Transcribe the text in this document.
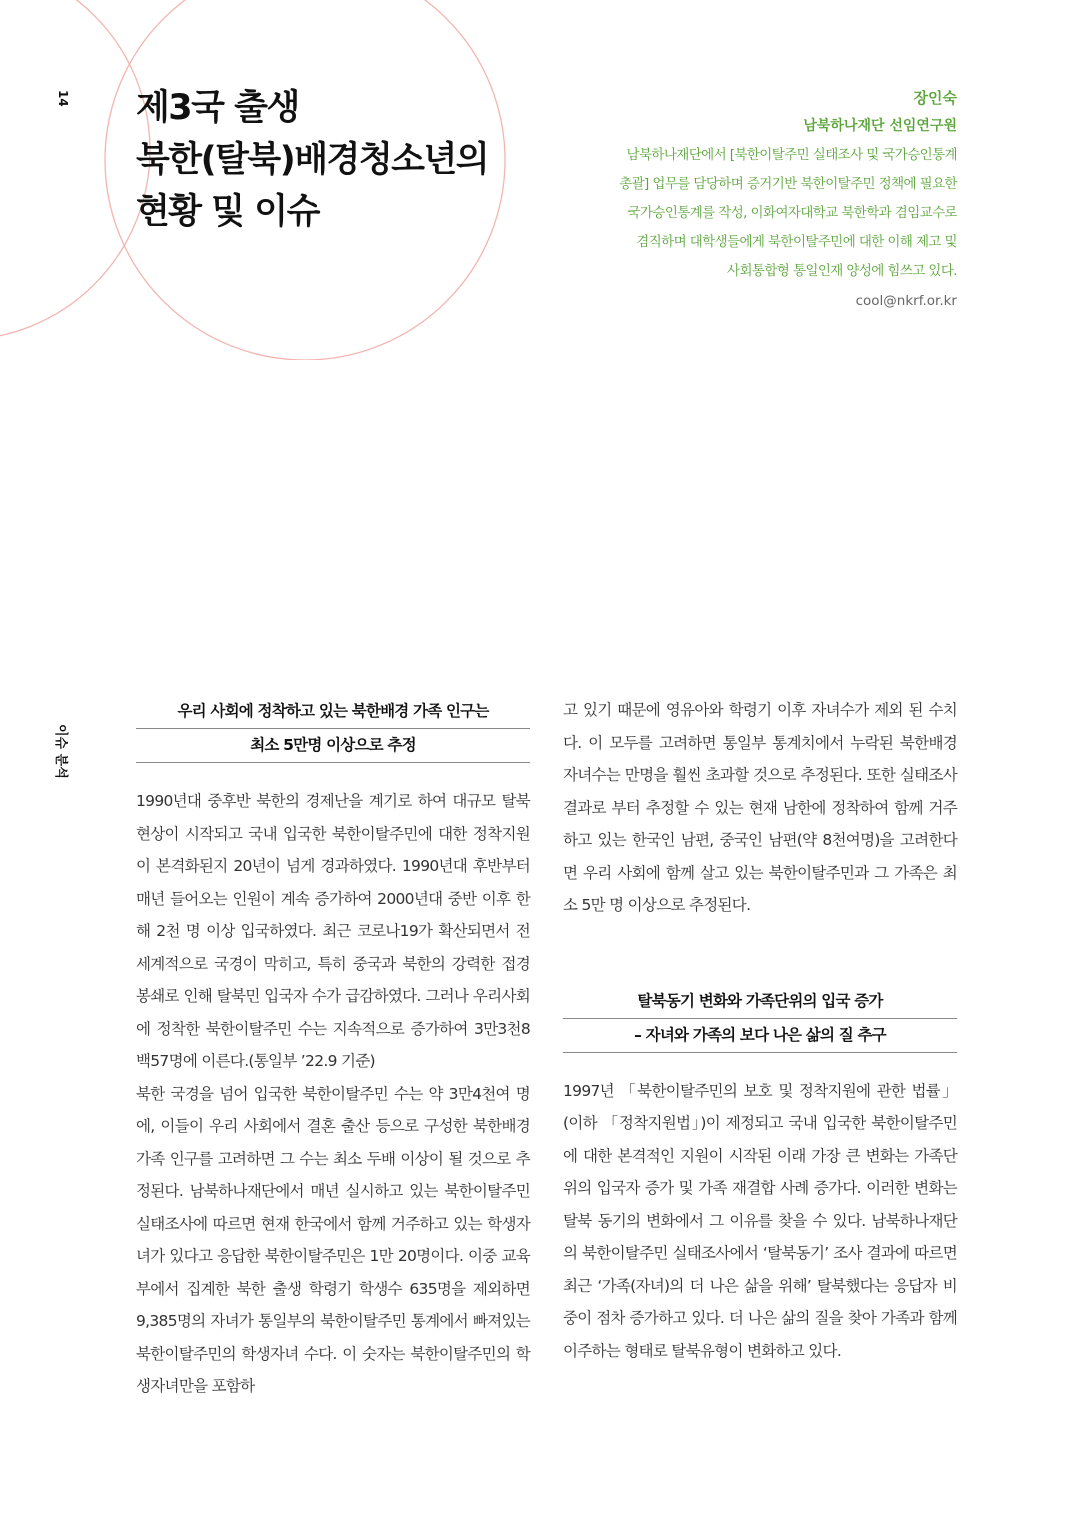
14
이슈 분석
제3국 출생
북한(탈북)배경청소년의
현황 및 이슈
장인숙
남북하나재단 선임연구원
남북하나재단에서 [북한이탈주민 실태조사 및 국가승인통계
총괄] 업무를 담당하며 증거기반 북한이탈주민 정책에 필요한
국가승인통계를 작성, 이화여자대학교 북한학과 겸임교수로
겸직하며 대학생들에게 북한이탈주민에 대한 이해 제고 및
사회통합형 통일인재 양성에 힘쓰고 있다.
cool@nkrf.or.kr
우리 사회에 정착하고 있는 북한배경 가족 인구는
최소 5만명 이상으로 추정

1990년대 중후반 북한의 경제난을 계기로 하여 대규모 탈북 현상이 시작되고 국내 입국한 북한이탈주민에 대한 정착지원이 본격화된지 20년이 넘게 경과하였다. 1990년대 후반부터 매년 들어오는 인원이 계속 증가하여 2000년대 중반 이후 한 해 2천 명 이상 입국하였다. 최근 코로나19가 확산되면서 전 세계적으로 국경이 막히고, 특히 중국과 북한의 강력한 접경 봉쇄로 인해 탈북민 입국자 수가 급감하였다. 그러나 우리사회에 정착한 북한이탈주민 수는 지속적으로 증가하여 3만3천8백57명에 이른다.(통일부 ’22.9 기준)

북한 국경을 넘어 입국한 북한이탈주민 수는 약 3만4천여 명에, 이들이 우리 사회에서 결혼 출산 등으로 구성한 북한배경 가족 인구를 고려하면 그 수는 최소 두배 이상이 될 것으로 추정된다. 남북하나재단에서 매년 실시하고 있는 북한이탈주민 실태조사에 따르면 현재 한국에서 함께 거주하고 있는 학생자녀가 있다고 응답한 북한이탈주민은 1만 20명이다. 이중 교육부에서 집계한 북한 출생 학령기 학생수 635명을 제외하면 9,385명의 자녀가 통일부의 북한이탈주민 통계에서 빠져있는 북한이탈주민의 학생자녀 수다. 이 숫자는 북한이탈주민의 학생자녀만을 포함하

고 있기 때문에 영유아와 학령기 이후 자녀수가 제외 된 수치다. 이 모두를 고려하면 통일부 통계치에서 누락된 북한배경 자녀수는 만명을 훨씬 초과할 것으로 추정된다. 또한 실태조사 결과로 부터 추정할 수 있는 현재 남한에 정착하여 함께 거주하고 있는 한국인 남편, 중국인 남편(약 8천여명)을 고려한다면 우리 사회에 함께 살고 있는 북한이탈주민과 그 가족은 최소 5만 명 이상으로 추정된다.

탈북동기 변화와 가족단위의 입국 증가
– 자녀와 가족의 보다 나은 삶의 질 추구

1997년 「북한이탈주민의 보호 및 정착지원에 관한 법률」(이하 「정착지원법」)이 제정되고 국내 입국한 북한이탈주민에 대한 본격적인 지원이 시작된 이래 가장 큰 변화는 가족단위의 입국자 증가 및 가족 재결합 사례 증가다. 이러한 변화는 탈북 동기의 변화에서 그 이유를 찾을 수 있다. 남북하나재단의 북한이탈주민 실태조사에서 ‘탈북동기’ 조사 결과에 따르면 최근 ‘가족(자녀)의 더 나은 삶을 위해’ 탈북했다는 응답자 비중이 점차 증가하고 있다. 더 나은 삶의 질을 찾아 가족과 함께 이주하는 형태로 탈북유형이 변화하고 있다.
